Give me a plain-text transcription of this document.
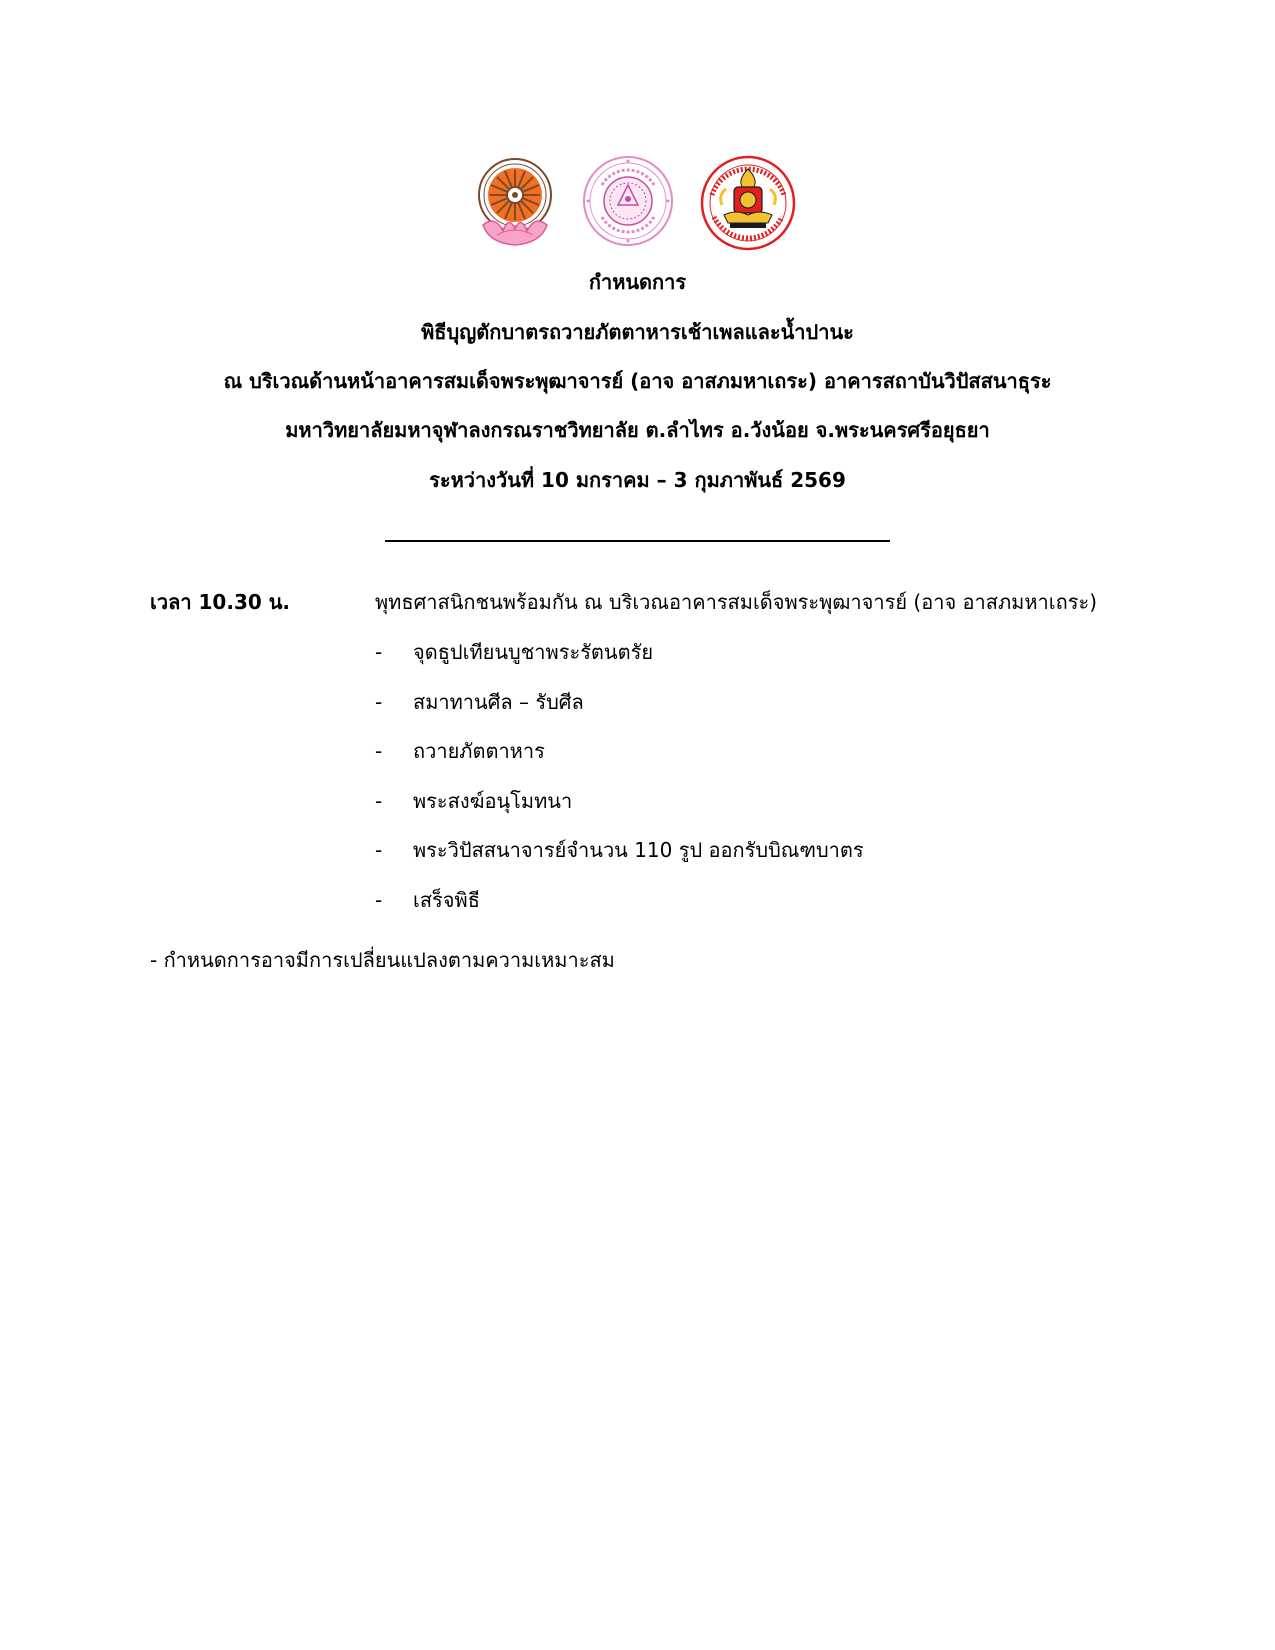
กำหนดการ
พิธีบุญตักบาตรถวายภัตตาหารเช้าเพลและน้ำปานะ
ณ บริเวณด้านหน้าอาคารสมเด็จพระพุฒาจารย์ (อาจ อาสภมหาเถระ) อาคารสถาบันวิปัสสนาธุระ
มหาวิทยาลัยมหาจุฬาลงกรณราชวิทยาลัย ต.ลำไทร อ.วังน้อย จ.พระนครศรีอยุธยา
ระหว่างวันที่ 10 มกราคม – 3 กุมภาพันธ์ 2569
เวลา 10.30 น.	พุทธศาสนิกชนพร้อมกัน ณ บริเวณอาคารสมเด็จพระพุฒาจารย์ (อาจ อาสภมหาเถระ)
- จุดธูปเทียนบูชาพระรัตนตรัย
- สมาทานศีล – รับศีล
- ถวายภัตตาหาร
- พระสงฆ์อนุโมทนา
- พระวิปัสสนาจารย์จำนวน 110 รูป ออกรับบิณฑบาตร
- เสร็จพิธี
- กำหนดการอาจมีการเปลี่ยนแปลงตามความเหมาะสม
